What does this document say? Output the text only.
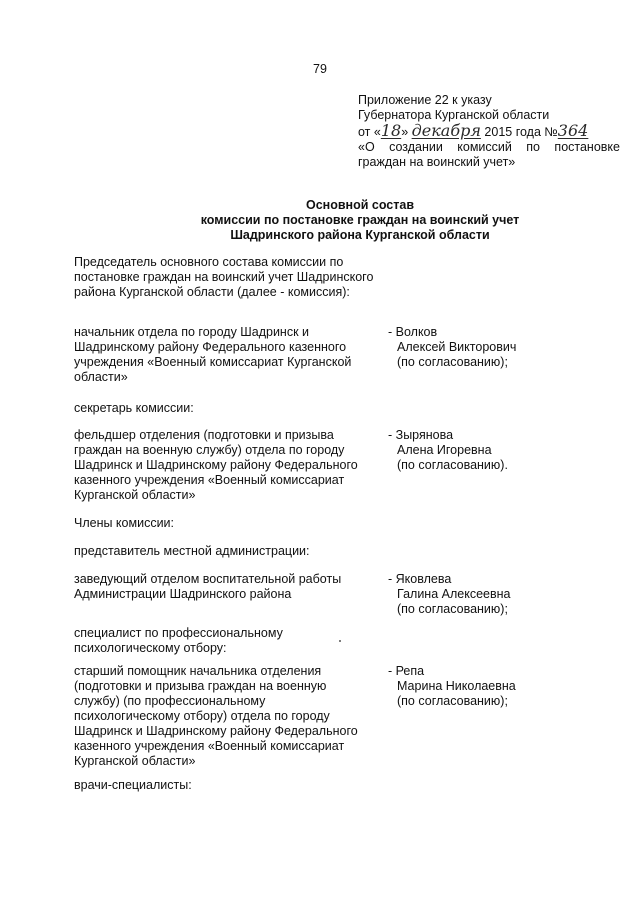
79
Приложение 22 к указу
Губернатора Курганской области
от «18» декабря 2015 года №364
«О создании комиссий по постановке
граждан на воинский учет»
Основной состав
комиссии по постановке граждан на воинский учет
Шадринского района Курганской области
Председатель основного состава комиссии по постановке граждан на воинский учет Шадринского района Курганской области (далее - комиссия):
начальник отдела по городу Шадринск и Шадринскому району Федерального казенного учреждения «Военный комиссариат Курганской области»
- Волков
Алексей Викторович
(по согласованию);
секретарь комиссии:
фельдшер отделения (подготовки и призыва граждан на военную службу) отдела по городу Шадринск и Шадринскому району Федерального казенного учреждения «Военный комиссариат Курганской области»
- Зырянова
Алена Игоревна
(по согласованию).
Члены комиссии:
представитель местной администрации:
заведующий отделом воспитательной работы Администрации Шадринского района
- Яковлева
Галина Алексеевна
(по согласованию);
специалист по профессиональному психологическому отбору:
старший помощник начальника отделения (подготовки и призыва граждан на военную службу) (по профессиональному психологическому отбору) отдела по городу Шадринск и Шадринскому району Федерального казенного учреждения «Военный комиссариат Курганской области»
- Репа
Марина Николаевна
(по согласованию);
врачи-специалисты:
